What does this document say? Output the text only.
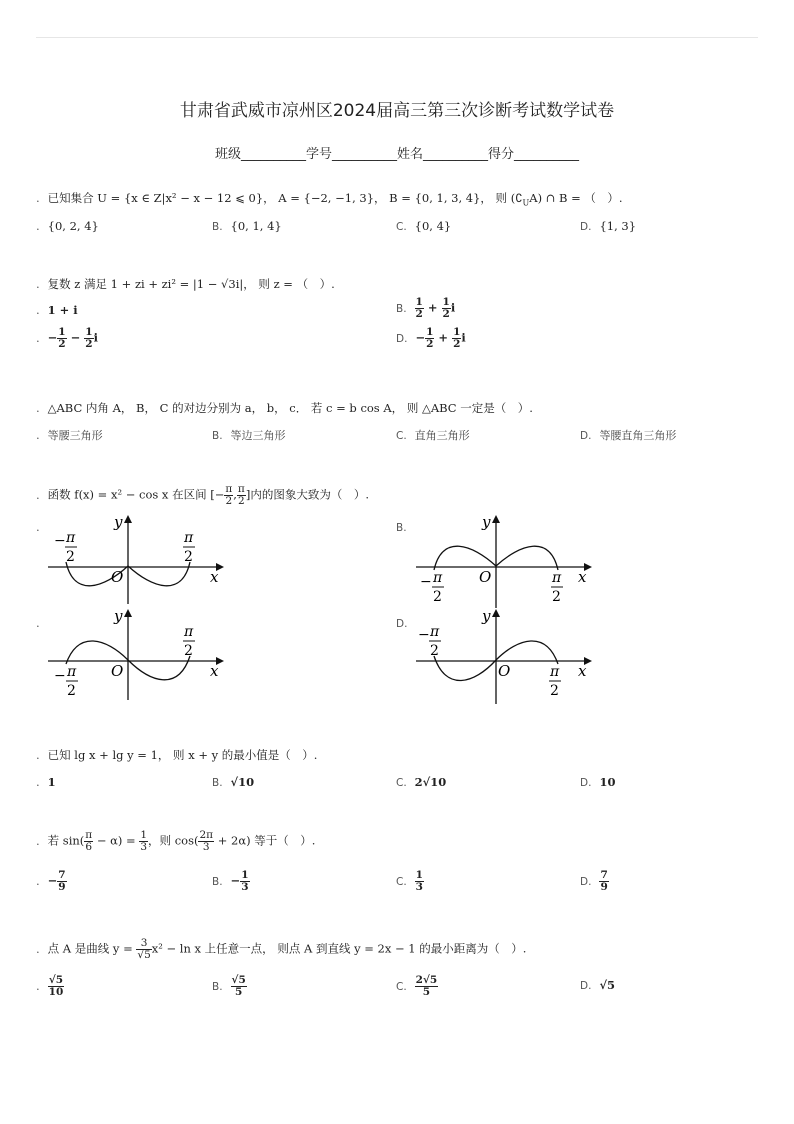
甘肃省武威市凉州区2024届高三第三次诊断考试数学试卷
班级__________学号__________姓名__________得分__________
. 已知集合 U = {x ∈ Z|x² − x − 12 ⩽ 0}， A = {−2, −1, 3}， B = {0, 1, 3, 4}， 则 $(∁_UA)$ ∩ B = （　）.
. {0, 2, 4}	B. {0, 1, 4}	C. {0, 4}	D. {1, 3}
. 复数 z 满足 1 + zi + zi² = |1 − √3i|， 则 z = （　）.
. 1 + i	B. $\frac{1}{2} + \frac{1}{2}$ i
. − $\frac{1}{2} - \frac{1}{2}$ i	D. − $\frac{1}{2} + \frac{1}{2}$ i
. △ABC 内角 A， B， C 的对边分别为 a， b， c． 若 c = b cos A， 则 △ABC 一定是（　）.
. 等腰三角形	B. 等边三角形	C. 直角三角形	D. 等腰直角三角形
. 函数 f(x) = x² − cos x 在区间 [− $\frac{\pi}{2}$ , $\frac{\pi}{2}$ ]内的图象大致为（　）.
.
x
y
O
− π
2
π
2
B.
x
y
O
− π
2
π
2
.
x
y
O
− π
2
π
2
D.
x
y
O
− π
2
π
2
. 已知 lg x + lg y = 1， 则 x + y 的最小值是（　）.
. 1	B. √10	C. 2√10	D. 10
. 若 $\sin( \frac{\pi}{6} - \alpha) = \frac{1}{3}$ ，则 $\cos( \frac{2\pi}{3} + 2\alpha)$ 等于（　）.
. − $\frac{7}{9}$	B. − $\frac{1}{3}$	C. $\frac{1}{3}$	D. $\frac{7}{9}$
. 点 A 是曲线 $y = \frac{3}{√5} x^2 - \ln x$ 上任意一点， 则点 A 到直线 y = 2x − 1 的最小距离为（　）.
. $\frac{√5}{10}$	B. $\frac{√5}{5}$	C. $\frac{2√5}{5}$	D. √5
